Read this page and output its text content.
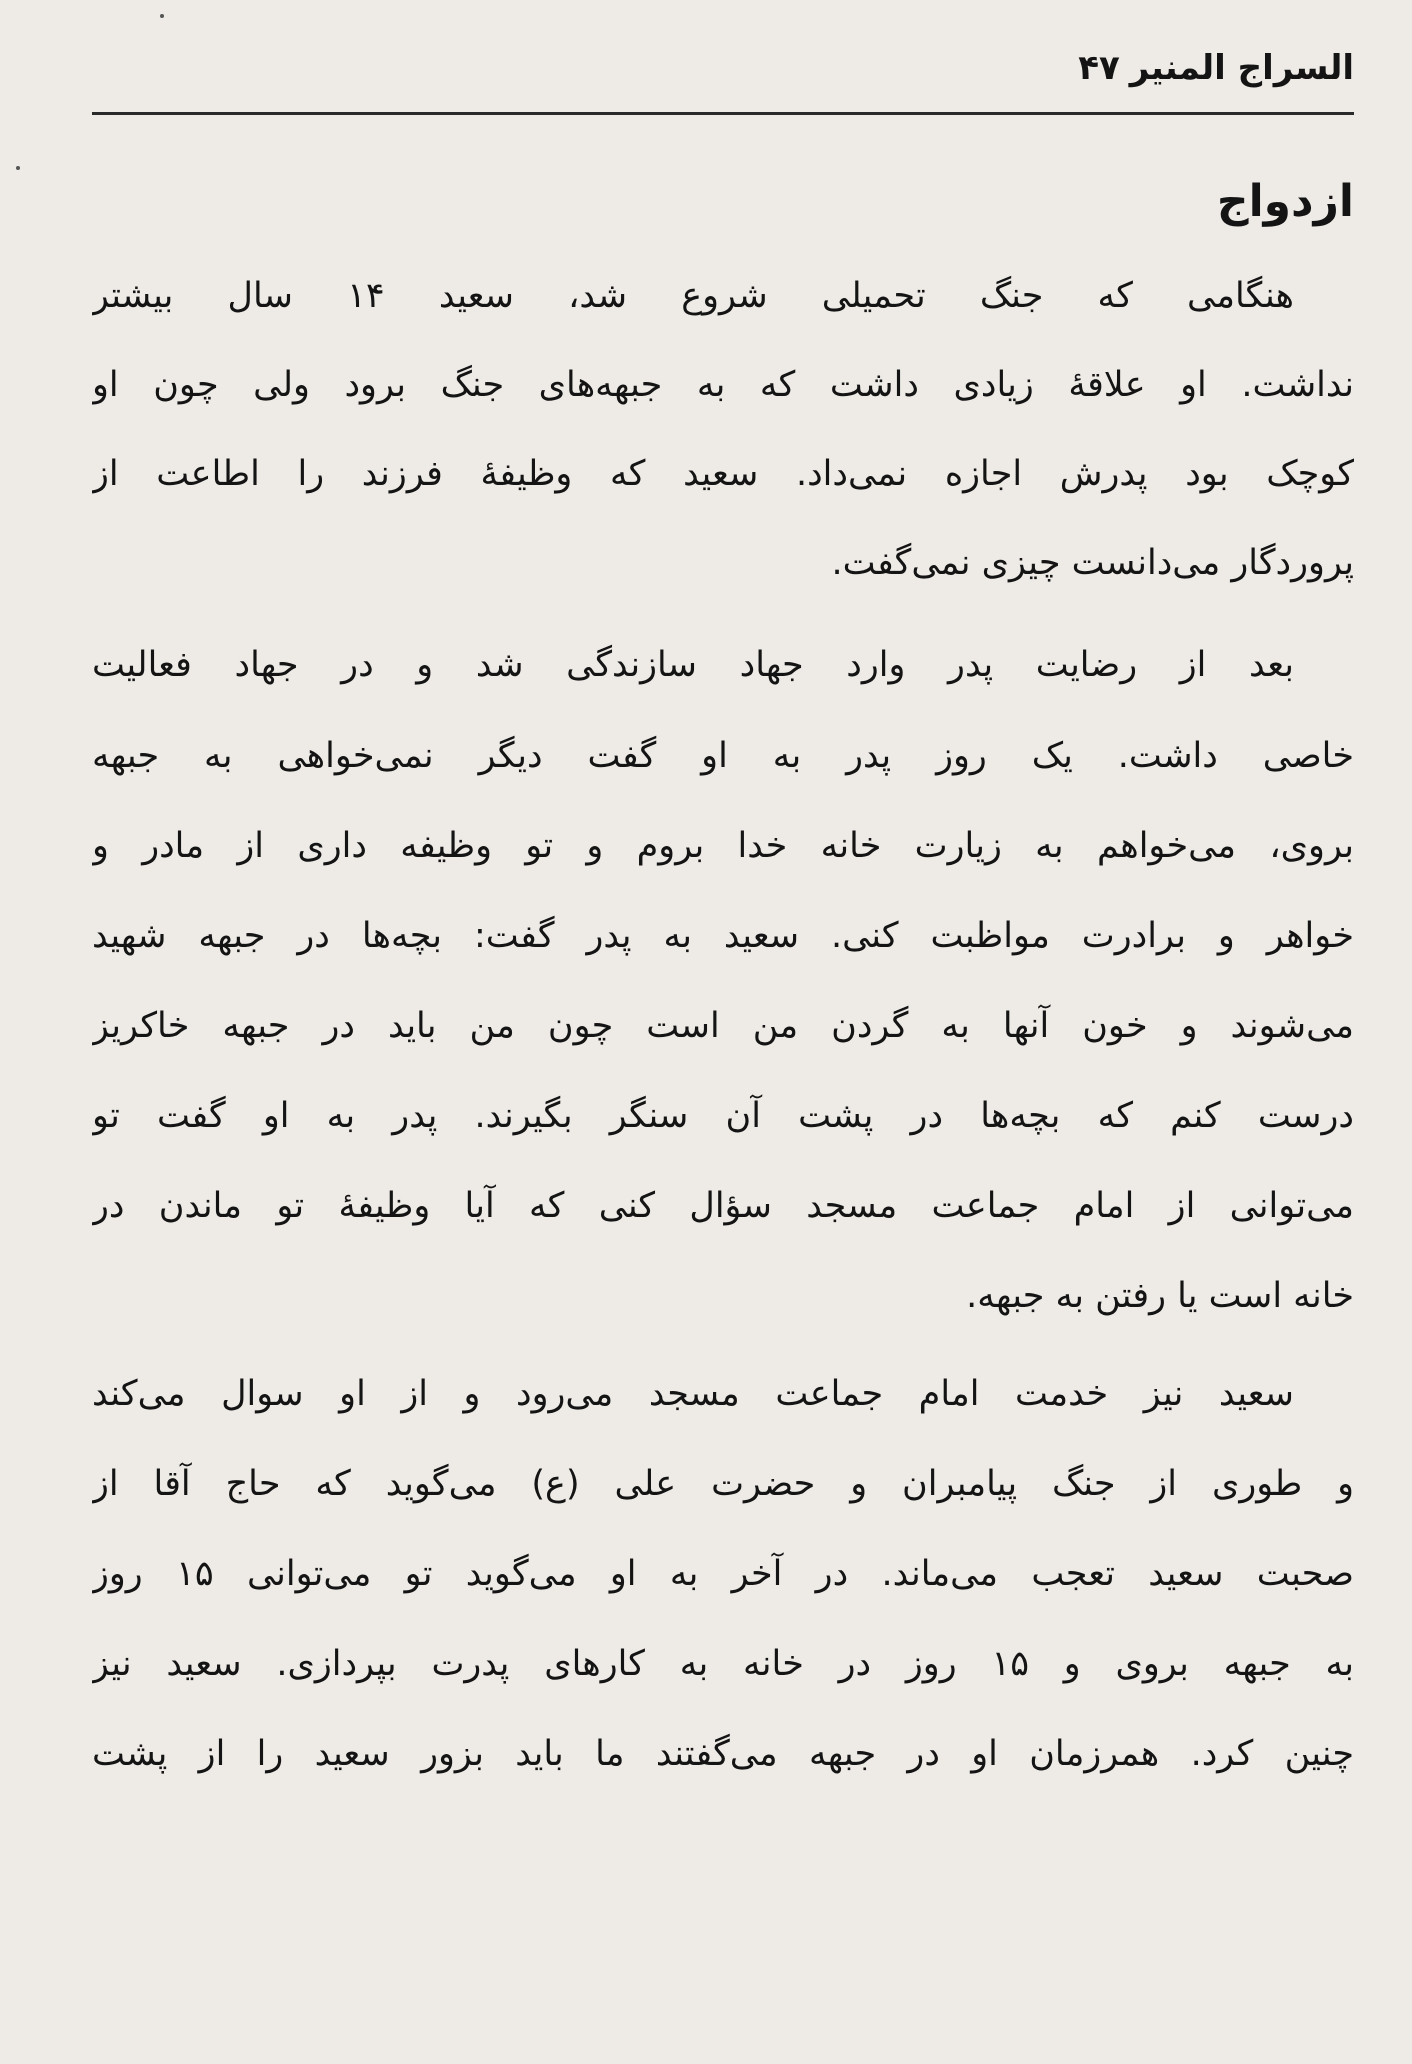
السراج المنیر۴۷
ازدواج
هنگامی که جنگ تحمیلی شروع شد، سعید ۱۴ سال بیشتر
نداشت. او علاقهٔ زیادی داشت که به جبهه‌های جنگ برود ولی چون او
کوچک بود پدرش اجازه نمی‌داد. سعید که وظیفهٔ فرزند را اطاعت از
پروردگار می‌دانست چیزی نمی‌گفت.
بعد از رضایت پدر وارد جهاد سازندگی شد و در جهاد فعالیت
خاصی داشت. یک روز پدر به او گفت دیگر نمی‌خواهی به جبهه
بروی، می‌خواهم به زیارت خانه خدا بروم و تو وظیفه داری از مادر و
خواهر و برادرت مواظبت کنی. سعید به پدر گفت: بچه‌ها در جبهه شهید
می‌شوند و خون آنها به گردن من است چون من باید در جبهه خاکریز
درست کنم که بچه‌ها در پشت آن سنگر بگیرند. پدر به او گفت تو
می‌توانی از امام جماعت مسجد سؤال کنی که آیا وظیفهٔ تو ماندن در
خانه است یا رفتن به جبهه.
سعید نیز خدمت امام جماعت مسجد می‌رود و از او سوال می‌کند
و طوری از جنگ پیامبران و حضرت علی (ع) می‌گوید که حاج آقا از
صحبت سعید تعجب می‌ماند. در آخر به او می‌گوید تو می‌توانی ۱۵ روز
به جبهه بروی و ۱۵ روز در خانه به کارهای پدرت بپردازی. سعید نیز
چنین کرد. همرزمان او در جبهه می‌گفتند ما باید بزور سعید را از پشت
